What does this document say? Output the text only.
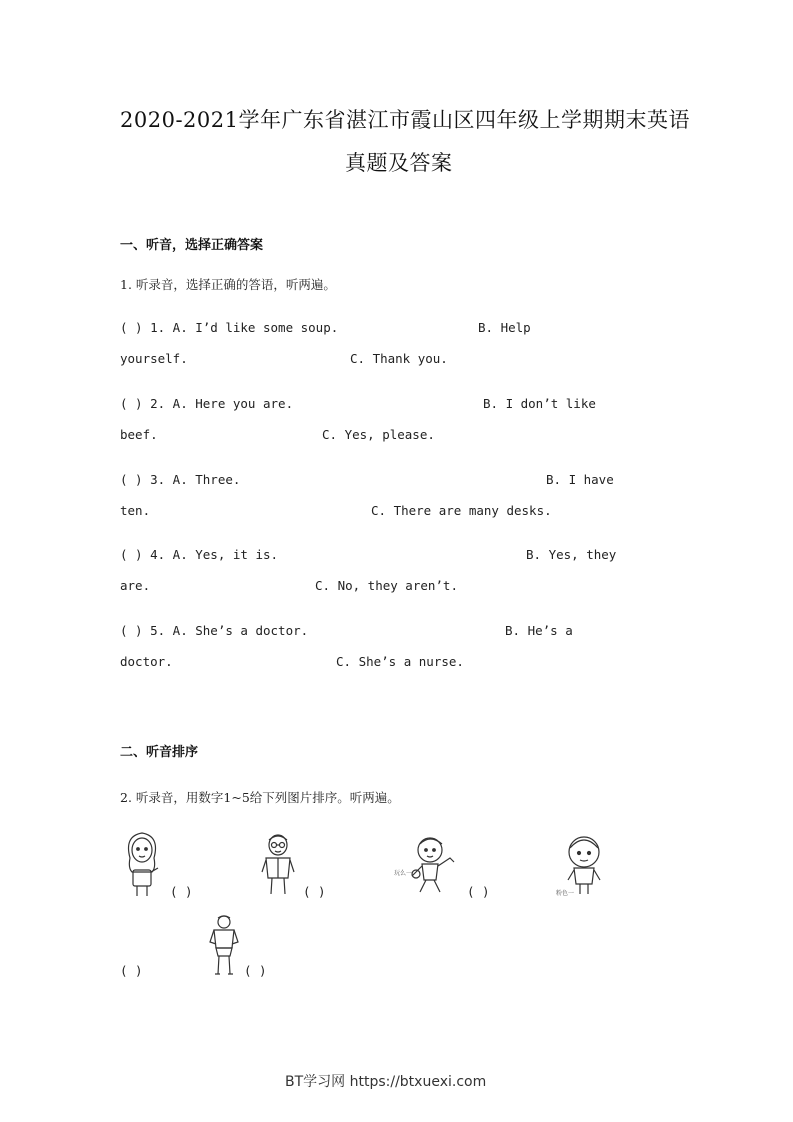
2020-2021学年广东省湛江市霞山区四年级上学期期末英语
真题及答案
一、听音，选择正确答案
1. 听录音，选择正确的答语，听两遍。
( ) 1. A. I’d like some soup.	B. Help
yourself.	C. Thank you.
( ) 2. A. Here you are.	B. I don’t like
beef.	C. Yes, please.
( ) 3. A. Three.	B. I have
ten.	C. There are many desks.
( ) 4. A. Yes, it is.	B. Yes, they
are.	C. No, they aren’t.
( ) 5. A. She’s a doctor.	B. He’s a
doctor.	C. She’s a nurse.
二、听音排序
2. 听录音，用数字1~5给下列图片排序。听两遍。
( )	( )
玩么一
( )	粉色一
( )	( )
BT学习网 https://btxuexi.com
